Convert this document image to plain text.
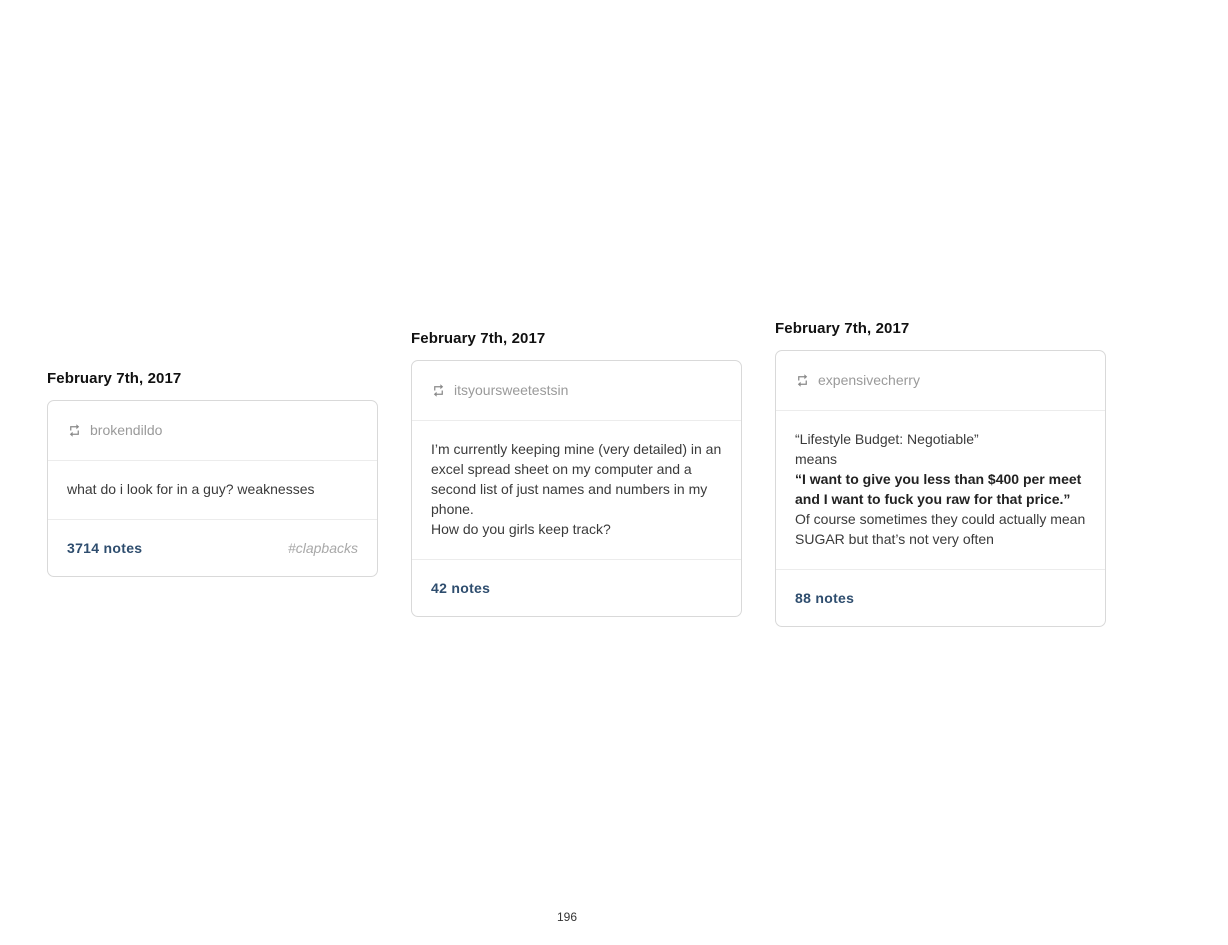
February 7th, 2017
brokendildo
what do i look for in a guy? weaknesses
3714 notes	#clapbacks
February 7th, 2017
itsyoursweetestsin
I’m currently keeping mine (very detailed) in an excel spread sheet on my computer and a second list of just names and numbers in my phone.
How do you girls keep track?
42 notes
February 7th, 2017
expensivecherry
“Lifestyle Budget: Negotiable”
means
“I want to give you less than $400 per meet and I want to fuck you raw for that price.”
Of course sometimes they could actually mean SUGAR but that’s not very often
88 notes
196
